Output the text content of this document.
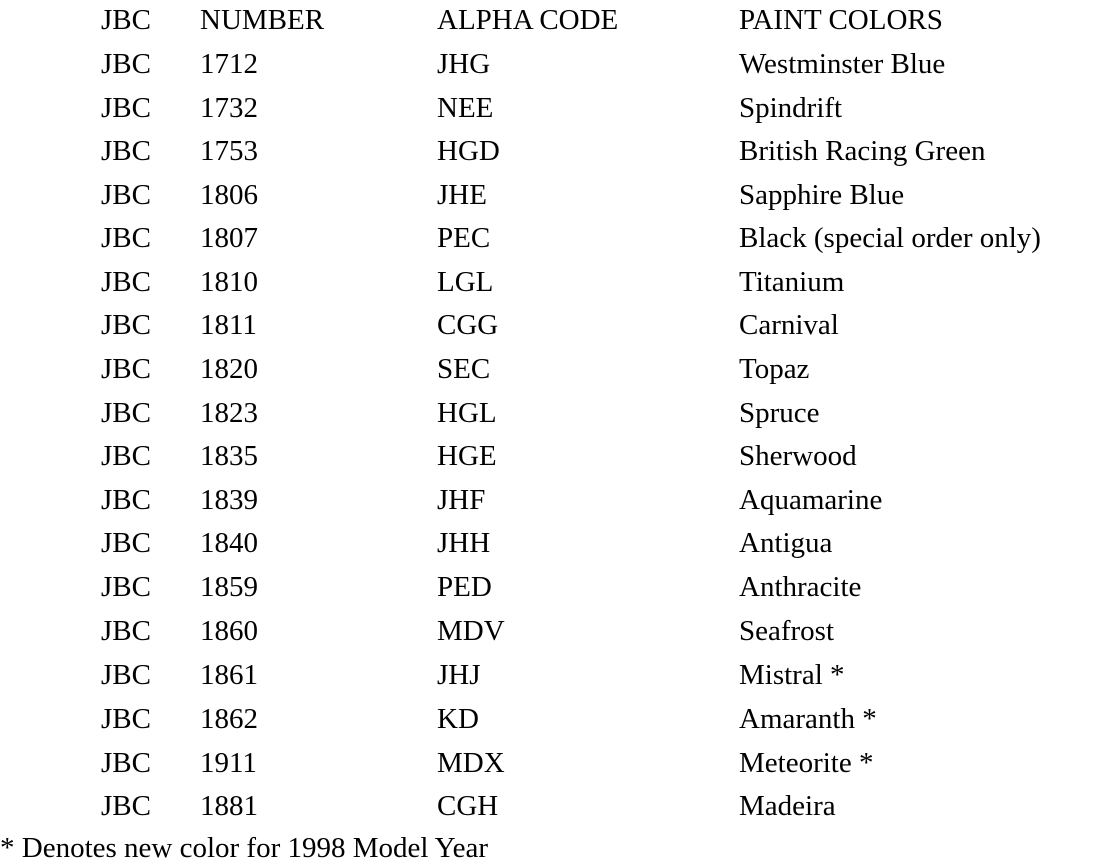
JBC NUMBER	ALPHA CODE	PAINT COLORS
JBC 1712	JHG	Westminster Blue
JBC 1732	NEE	Spindrift
JBC 1753	HGD	British Racing Green
JBC 1806	JHE	Sapphire Blue
JBC 1807	PEC	Black (special order only)
JBC 1810	LGL	Titanium
JBC 1811	CGG	Carnival
JBC 1820	SEC	Topaz
JBC 1823	HGL	Spruce
JBC 1835	HGE	Sherwood
JBC 1839	JHF	Aquamarine
JBC 1840	JHH	Antigua
JBC 1859	PED	Anthracite
JBC 1860	MDV	Seafrost
JBC 1861	JHJ	Mistral *
JBC 1862	KD	Amaranth *
JBC 1911	MDX	Meteorite *
JBC 1881	CGH	Madeira
* Denotes new color for 1998 Model Year
